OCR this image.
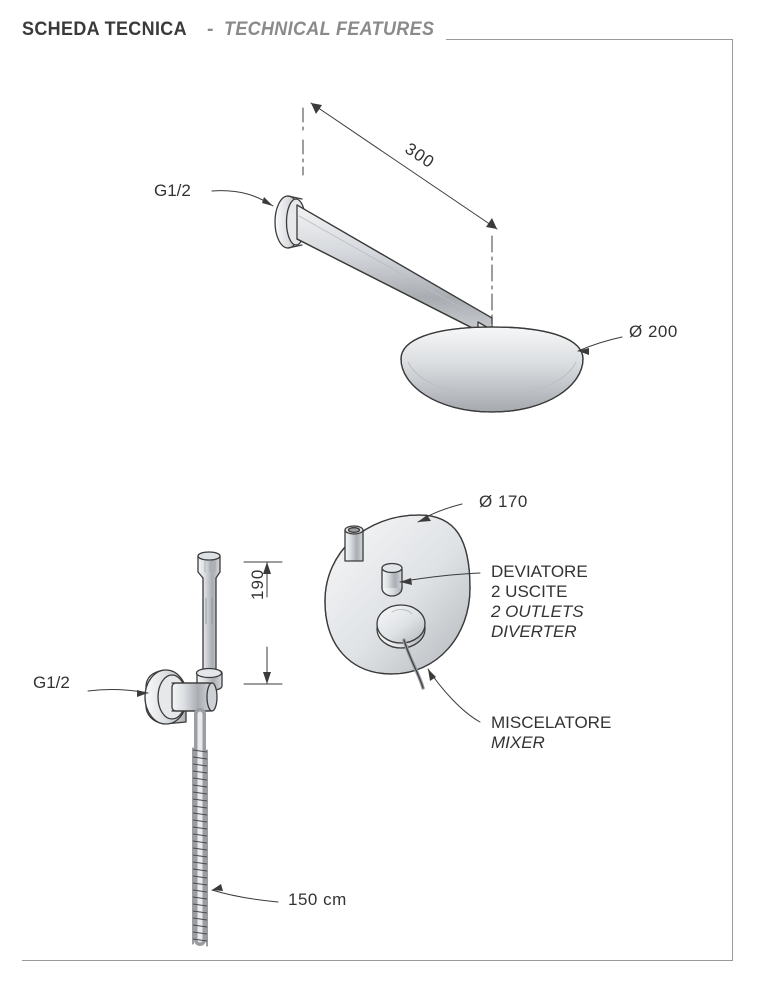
SCHEDA TECNICA - TECHNICAL FEATURES
G1/2
300
Ø 200
Ø 170
DEVIATORE
2 USCITE
2 OUTLETS
DIVERTER
MISCELATORE
MIXER
G1/2
190
150 cm
